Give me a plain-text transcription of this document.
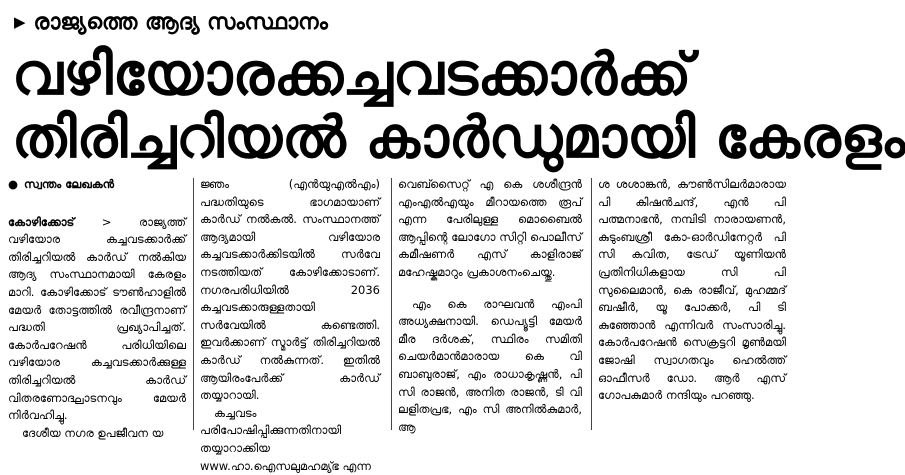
▶ രാജ്യത്തെ ആദ്യ സംസ്ഥാനം
വഴിയോരക്കച്ചവടക്കാർക്ക്
തിരിച്ചറിയൽ കാർഡുമായി കേരളം
● സ്വന്തം ലേഖകൻ

കോഴിക്കോട് > രാജ്യത്ത് വഴിയോര കച്ചവടക്കാർക്ക് തിരിച്ചറിയൽ കാർഡ് നൽകിയ ആദ്യ സംസ്ഥാനമായി കേരളം മാറി. കോഴിക്കോട് ടൗൺഹാളിൽ മേയർ തോട്ടത്തിൽ രവീന്ദ്രനാണ് പദ്ധതി പ്രഖ്യാപിച്ചത്. കോർപറേഷൻ പരിധിയിലെ വഴിയോര കച്ചവടക്കാർക്കുള്ള തിരിച്ചറിയൽ കാർഡ് വിതരണോദ്ഘാടനവും മേയർ നിർവഹിച്ചു.

ദേശീയ നഗര ഉപജീവന യ

ജ്ഞം (എൻയുഎൽഎം) പദ്ധതിയുടെ ഭാഗമായാണ് കാർഡ് നൽകൽ. സംസ്ഥാനത്ത് ആദ്യമായി വഴിയോര കച്ചവടക്കാർക്കിടയിൽ സർവേ നടത്തിയത് കോഴിക്കോടാണ്. നഗരപരിധിയിൽ 2036 കച്ചവടക്കാരുള്ളതായി സർവേയിൽ കണ്ടെത്തി. ഇവർക്കാണ് സ്മാർട്ട് തിരിച്ചറിയൽ കാർഡ് നൽകുന്നത്. ഇതിൽ ആയിരംപേർക്ക് കാർഡ് തയ്യാറായി.

കച്ചവടം പരിപോഷിപ്പിക്കുന്നതിനായി തയ്യാറാക്കിയ www.ഹാ.ഐസലുമഹമ്യ്ഭ എന്ന

വെബ്സൈറ്റ് എ കെ ശശീന്ദ്രൻ എംഎൽഎയും മീറായത്തെ രൂപ് എന്ന പേരിലുള്ള മൊബൈൽ ആപ്പിന്റെ ലോഗോ സിറ്റി പൊലീസ് കമീഷണർ എസ് കാളിരാജ് മഹേഷ്കുമാറും പ്രകാശനംചെയ്തു.

എം കെ രാഘവൻ എംപി അധ്യക്ഷനായി. ഡെപ്യൂട്ടി മേയർ മീര ദർശക്, സ്ഥിരം സമിതി ചെയർമാൻമാരായ കെ വി ബാബുരാജ്, എം രാധാകൃഷ്ണൻ, പി സി രാജൻ, അനിത രാജൻ, ടി വി ലളിതപ്രഭ, എം സി അനിൽകുമാർ, ആ

ശ ശശാങ്കൻ, കൗൺസിലർമാരായ പി കിഷൻചന്ദ്, എൻ പി പത്മനാഭൻ, നമ്പിടി നാരായണൻ, കുടുംബശ്രീ കോ-ഓർഡിനേറ്റർ പി സി കവിത, ട്രേഡ് യൂണിയൻ പ്രതിനിധികളായ സി പി സുലൈമാൻ, കെ രാജീവ്, മുഹമ്മദ് ബഷീർ, യൂ പോക്കർ, പി ടി കുഞ്ഞോൻ എന്നിവർ സംസാരിച്ചു. കോർപറേഷൻ സെക്രട്ടറി മൃൺമയി ജോഷി സ്വാഗതവും ഹെൽത്ത് ഓഫീസർ ഡോ. ആർ എസ് ഗോപകുമാർ നന്ദിയും പറഞ്ഞു.
